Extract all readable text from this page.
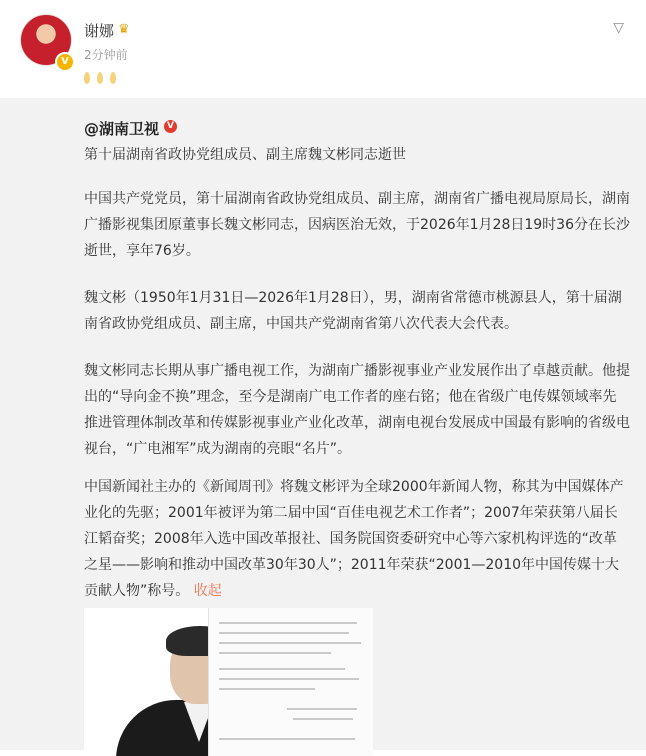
V
谢娜 ♛
2分钟前
▽
@湖南卫视 V
第十届湖南省政协党组成员、副主席魏文彬同志逝世

中国共产党党员，第十届湖南省政协党组成员、副主席，湖南省广播电视局原局长，湖南广播影视集团原董事长魏文彬同志，因病医治无效，于2026年1月28日19时36分在长沙逝世，享年76岁。

魏文彬（1950年1月31日—2026年1月28日），男，湖南省常德市桃源县人，第十届湖南省政协党组成员、副主席，中国共产党湖南省第八次代表大会代表。

魏文彬同志长期从事广播电视工作，为湖南广播影视事业产业发展作出了卓越贡献。他提出的“导向金不换”理念，至今是湖南广电工作者的座右铭；他在省级广电传媒领域率先推进管理体制改革和传媒影视事业产业化改革，湖南电视台发展成中国最有影响的省级电视台，“广电湘军”成为湖南的亮眼“名片”。

中国新闻社主办的《新闻周刊》将魏文彬评为全球2000年新闻人物，称其为中国媒体产业化的先驱；2001年被评为第二届中国“百佳电视艺术工作者”；2007年荣获第八届长江韬奋奖；2008年入选中国改革报社、国务院国资委研究中心等六家机构评选的“改革之星——影响和推动中国改革30年30人”；2011年荣获“2001—2010年中国传媒十大贡献人物”称号。 收起
